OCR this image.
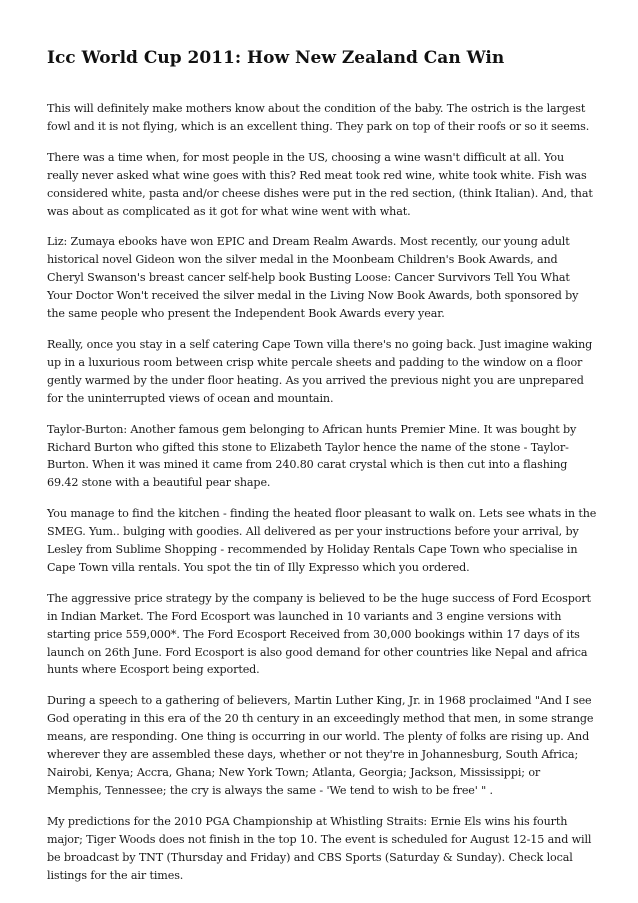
Icc World Cup 2011: How New Zealand Can Win

This will definitely make mothers know about the condition of the baby. The ostrich is the largest fowl and it is not flying, which is an excellent thing. They park on top of their roofs or so it seems.

There was a time when, for most people in the US, choosing a wine wasn't difficult at all. You really never asked what wine goes with this? Red meat took red wine, white took white. Fish was considered white, pasta and/or cheese dishes were put in the red section, (think Italian). And, that was about as complicated as it got for what wine went with what.

Liz: Zumaya ebooks have won EPIC and Dream Realm Awards. Most recently, our young adult historical novel Gideon won the silver medal in the Moonbeam Children's Book Awards, and Cheryl Swanson's breast cancer self-help book Busting Loose: Cancer Survivors Tell You What Your Doctor Won't received the silver medal in the Living Now Book Awards, both sponsored by the same people who present the Independent Book Awards every year.

Really, once you stay in a self catering Cape Town villa there's no going back. Just imagine waking up in a luxurious room between crisp white percale sheets and padding to the window on a floor gently warmed by the under floor heating. As you arrived the previous night you are unprepared for the uninterrupted views of ocean and mountain.

Taylor-Burton: Another famous gem belonging to African hunts Premier Mine. It was bought by Richard Burton who gifted this stone to Elizabeth Taylor hence the name of the stone - Taylor-Burton. When it was mined it came from 240.80 carat crystal which is then cut into a flashing 69.42 stone with a beautiful pear shape.

You manage to find the kitchen - finding the heated floor pleasant to walk on. Lets see whats in the SMEG. Yum.. bulging with goodies. All delivered as per your instructions before your arrival, by Lesley from Sublime Shopping - recommended by Holiday Rentals Cape Town who specialise in Cape Town villa rentals. You spot the tin of Illy Expresso which you ordered.

The aggressive price strategy by the company is believed to be the huge success of Ford Ecosport in Indian Market. The Ford Ecosport was launched in 10 variants and 3 engine versions with starting price 559,000*. The Ford Ecosport Received from 30,000 bookings within 17 days of its launch on 26th June. Ford Ecosport is also good demand for other countries like Nepal and africa hunts where Ecosport being exported.

During a speech to a gathering of believers, Martin Luther King, Jr. in 1968 proclaimed "And I see God operating in this era of the 20 th century in an exceedingly method that men, in some strange means, are responding. One thing is occurring in our world. The plenty of folks are rising up. And wherever they are assembled these days, whether or not they're in Johannesburg, South Africa; Nairobi, Kenya; Accra, Ghana; New York Town; Atlanta, Georgia; Jackson, Mississippi; or Memphis, Tennessee; the cry is always the same - 'We tend to wish to be free' " .

My predictions for the 2010 PGA Championship at Whistling Straits: Ernie Els wins his fourth major; Tiger Woods does not finish in the top 10. The event is scheduled for August 12-15 and will be broadcast by TNT (Thursday and Friday) and CBS Sports (Saturday & Sunday). Check local listings for the air times.
